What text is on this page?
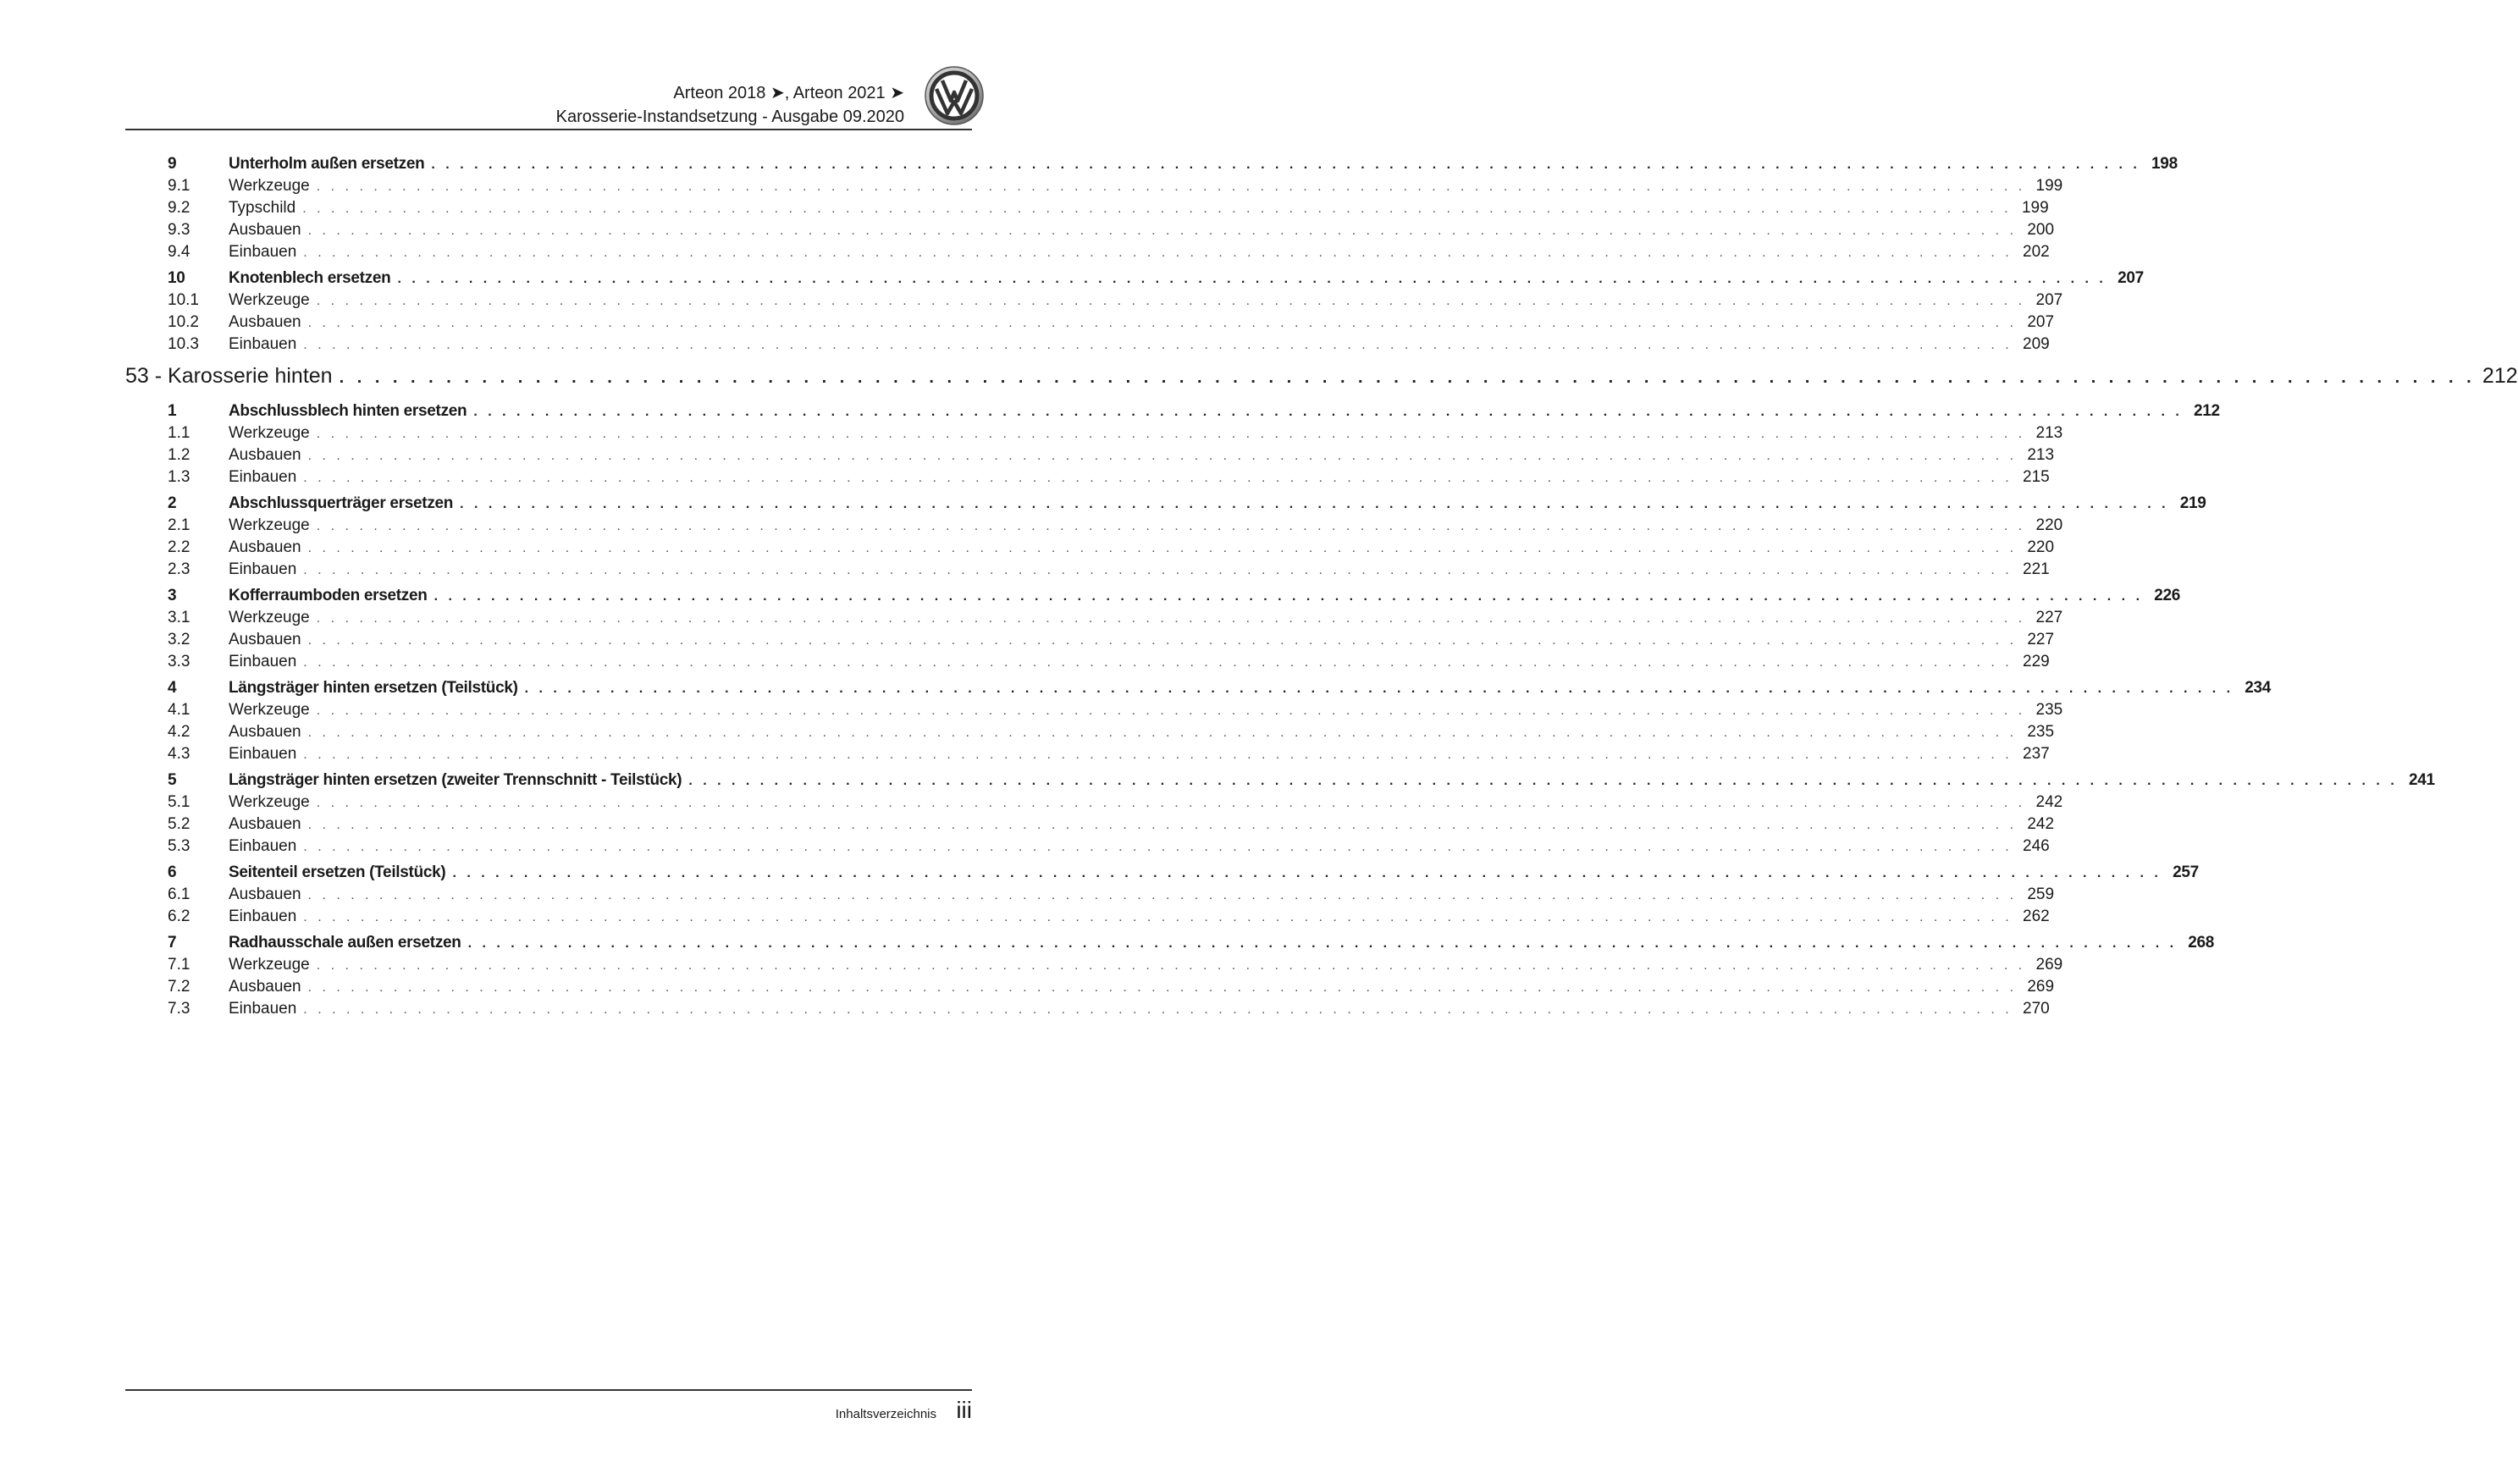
Arteon 2018 ➤, Arteon 2021 ➤
Karosserie-Instandsetzung - Ausgabe 09.2020
9	Unterholm außen ersetzen . . . . . . . . . . . . . . . . . . . . . . . . . . . . . . . . . . . . . . . . . . . . . . . . . . . . . . . . . . . . . . . . . . . . . . . . . . . . . . . . . . . . . . . . . . . . . . . . . . . . . . . . . . . . . . . . . . . . . . . . 198
9.1	Werkzeuge . . . . . . . . . . . . . . . . . . . . . . . . . . . . . . . . . . . . . . . . . . . . . . . . . . . . . . . . . . . . . . . . . . . . . . . . . . . . . . . . . . . . . . . . . . . . . . . . . . . . . . . . . . . . . . . . . . . . . . . . 199
9.2	Typschild . . . . . . . . . . . . . . . . . . . . . . . . . . . . . . . . . . . . . . . . . . . . . . . . . . . . . . . . . . . . . . . . . . . . . . . . . . . . . . . . . . . . . . . . . . . . . . . . . . . . . . . . . . . . . . . . . . . . . . . . 199
9.3	Ausbauen . . . . . . . . . . . . . . . . . . . . . . . . . . . . . . . . . . . . . . . . . . . . . . . . . . . . . . . . . . . . . . . . . . . . . . . . . . . . . . . . . . . . . . . . . . . . . . . . . . . . . . . . . . . . . . . . . . . . . . . . 200
9.4	Einbauen . . . . . . . . . . . . . . . . . . . . . . . . . . . . . . . . . . . . . . . . . . . . . . . . . . . . . . . . . . . . . . . . . . . . . . . . . . . . . . . . . . . . . . . . . . . . . . . . . . . . . . . . . . . . . . . . . . . . . . . . 202
10	Knotenblech ersetzen . . . . . . . . . . . . . . . . . . . . . . . . . . . . . . . . . . . . . . . . . . . . . . . . . . . . . . . . . . . . . . . . . . . . . . . . . . . . . . . . . . . . . . . . . . . . . . . . . . . . . . . . . . . . . . . . . . . . . . . . 207
10.1	Werkzeuge . . . . . . . . . . . . . . . . . . . . . . . . . . . . . . . . . . . . . . . . . . . . . . . . . . . . . . . . . . . . . . . . . . . . . . . . . . . . . . . . . . . . . . . . . . . . . . . . . . . . . . . . . . . . . . . . . . . . . . . . 207
10.2	Ausbauen . . . . . . . . . . . . . . . . . . . . . . . . . . . . . . . . . . . . . . . . . . . . . . . . . . . . . . . . . . . . . . . . . . . . . . . . . . . . . . . . . . . . . . . . . . . . . . . . . . . . . . . . . . . . . . . . . . . . . . . . 207
10.3	Einbauen . . . . . . . . . . . . . . . . . . . . . . . . . . . . . . . . . . . . . . . . . . . . . . . . . . . . . . . . . . . . . . . . . . . . . . . . . . . . . . . . . . . . . . . . . . . . . . . . . . . . . . . . . . . . . . . . . . . . . . . . 209
53 - Karosserie hinten . . . . . . . . . . . . . . . . . . . . . . . . . . . . . . . . . . . . . . . . . . . . . . . . . . . . . . . . . . . . . . . . . . . . . . . . . . . . . . . . . . . . . . . . . . . . . . . . . . . . . . . . . . . . . . . . . . . . . . . . 212
1	Abschlussblech hinten ersetzen . . . . . . . . . . . . . . . . . . . . . . . . . . . . . . . . . . . . . . . . . . . . . . . . . . . . . . . . . . . . . . . . . . . . . . . . . . . . . . . . . . . . . . . . . . . . . . . . . . . . . . . . . . . . . . . . . . . . . . . . 212
1.1	Werkzeuge . . . . . . . . . . . . . . . . . . . . . . . . . . . . . . . . . . . . . . . . . . . . . . . . . . . . . . . . . . . . . . . . . . . . . . . . . . . . . . . . . . . . . . . . . . . . . . . . . . . . . . . . . . . . . . . . . . . . . . . . 213
1.2	Ausbauen . . . . . . . . . . . . . . . . . . . . . . . . . . . . . . . . . . . . . . . . . . . . . . . . . . . . . . . . . . . . . . . . . . . . . . . . . . . . . . . . . . . . . . . . . . . . . . . . . . . . . . . . . . . . . . . . . . . . . . . . 213
1.3	Einbauen . . . . . . . . . . . . . . . . . . . . . . . . . . . . . . . . . . . . . . . . . . . . . . . . . . . . . . . . . . . . . . . . . . . . . . . . . . . . . . . . . . . . . . . . . . . . . . . . . . . . . . . . . . . . . . . . . . . . . . . . 215
2	Abschlussquerträger ersetzen . . . . . . . . . . . . . . . . . . . . . . . . . . . . . . . . . . . . . . . . . . . . . . . . . . . . . . . . . . . . . . . . . . . . . . . . . . . . . . . . . . . . . . . . . . . . . . . . . . . . . . . . . . . . . . . . . . . . . . . . 219
2.1	Werkzeuge . . . . . . . . . . . . . . . . . . . . . . . . . . . . . . . . . . . . . . . . . . . . . . . . . . . . . . . . . . . . . . . . . . . . . . . . . . . . . . . . . . . . . . . . . . . . . . . . . . . . . . . . . . . . . . . . . . . . . . . . 220
2.2	Ausbauen . . . . . . . . . . . . . . . . . . . . . . . . . . . . . . . . . . . . . . . . . . . . . . . . . . . . . . . . . . . . . . . . . . . . . . . . . . . . . . . . . . . . . . . . . . . . . . . . . . . . . . . . . . . . . . . . . . . . . . . . 220
2.3	Einbauen . . . . . . . . . . . . . . . . . . . . . . . . . . . . . . . . . . . . . . . . . . . . . . . . . . . . . . . . . . . . . . . . . . . . . . . . . . . . . . . . . . . . . . . . . . . . . . . . . . . . . . . . . . . . . . . . . . . . . . . . 221
3	Kofferraumboden ersetzen . . . . . . . . . . . . . . . . . . . . . . . . . . . . . . . . . . . . . . . . . . . . . . . . . . . . . . . . . . . . . . . . . . . . . . . . . . . . . . . . . . . . . . . . . . . . . . . . . . . . . . . . . . . . . . . . . . . . . . . . 226
3.1	Werkzeuge . . . . . . . . . . . . . . . . . . . . . . . . . . . . . . . . . . . . . . . . . . . . . . . . . . . . . . . . . . . . . . . . . . . . . . . . . . . . . . . . . . . . . . . . . . . . . . . . . . . . . . . . . . . . . . . . . . . . . . . . 227
3.2	Ausbauen . . . . . . . . . . . . . . . . . . . . . . . . . . . . . . . . . . . . . . . . . . . . . . . . . . . . . . . . . . . . . . . . . . . . . . . . . . . . . . . . . . . . . . . . . . . . . . . . . . . . . . . . . . . . . . . . . . . . . . . . 227
3.3	Einbauen . . . . . . . . . . . . . . . . . . . . . . . . . . . . . . . . . . . . . . . . . . . . . . . . . . . . . . . . . . . . . . . . . . . . . . . . . . . . . . . . . . . . . . . . . . . . . . . . . . . . . . . . . . . . . . . . . . . . . . . . 229
4	Längsträger hinten ersetzen (Teilstück) . . . . . . . . . . . . . . . . . . . . . . . . . . . . . . . . . . . . . . . . . . . . . . . . . . . . . . . . . . . . . . . . . . . . . . . . . . . . . . . . . . . . . . . . . . . . . . . . . . . . . . . . . . . . . . . . . . . . . . . . 234
4.1	Werkzeuge . . . . . . . . . . . . . . . . . . . . . . . . . . . . . . . . . . . . . . . . . . . . . . . . . . . . . . . . . . . . . . . . . . . . . . . . . . . . . . . . . . . . . . . . . . . . . . . . . . . . . . . . . . . . . . . . . . . . . . . . 235
4.2	Ausbauen . . . . . . . . . . . . . . . . . . . . . . . . . . . . . . . . . . . . . . . . . . . . . . . . . . . . . . . . . . . . . . . . . . . . . . . . . . . . . . . . . . . . . . . . . . . . . . . . . . . . . . . . . . . . . . . . . . . . . . . . 235
4.3	Einbauen . . . . . . . . . . . . . . . . . . . . . . . . . . . . . . . . . . . . . . . . . . . . . . . . . . . . . . . . . . . . . . . . . . . . . . . . . . . . . . . . . . . . . . . . . . . . . . . . . . . . . . . . . . . . . . . . . . . . . . . . 237
5	Längsträger hinten ersetzen (zweiter Trennschnitt - Teilstück) . . . . . . . . . . . . . . . . . . . . . . . . . . . . . . . . . . . . . . . . . . . . . . . . . . . . . . . . . . . . . . . . . . . . . . . . . . . . . . . . . . . . . . . . . . . . . . . . . . . . . . . . . . . . . . . . . . . . . . . . 241
5.1	Werkzeuge . . . . . . . . . . . . . . . . . . . . . . . . . . . . . . . . . . . . . . . . . . . . . . . . . . . . . . . . . . . . . . . . . . . . . . . . . . . . . . . . . . . . . . . . . . . . . . . . . . . . . . . . . . . . . . . . . . . . . . . . 242
5.2	Ausbauen . . . . . . . . . . . . . . . . . . . . . . . . . . . . . . . . . . . . . . . . . . . . . . . . . . . . . . . . . . . . . . . . . . . . . . . . . . . . . . . . . . . . . . . . . . . . . . . . . . . . . . . . . . . . . . . . . . . . . . . . 242
5.3	Einbauen . . . . . . . . . . . . . . . . . . . . . . . . . . . . . . . . . . . . . . . . . . . . . . . . . . . . . . . . . . . . . . . . . . . . . . . . . . . . . . . . . . . . . . . . . . . . . . . . . . . . . . . . . . . . . . . . . . . . . . . . 246
6	Seitenteil ersetzen (Teilstück) . . . . . . . . . . . . . . . . . . . . . . . . . . . . . . . . . . . . . . . . . . . . . . . . . . . . . . . . . . . . . . . . . . . . . . . . . . . . . . . . . . . . . . . . . . . . . . . . . . . . . . . . . . . . . . . . . . . . . . . . 257
6.1	Ausbauen . . . . . . . . . . . . . . . . . . . . . . . . . . . . . . . . . . . . . . . . . . . . . . . . . . . . . . . . . . . . . . . . . . . . . . . . . . . . . . . . . . . . . . . . . . . . . . . . . . . . . . . . . . . . . . . . . . . . . . . . 259
6.2	Einbauen . . . . . . . . . . . . . . . . . . . . . . . . . . . . . . . . . . . . . . . . . . . . . . . . . . . . . . . . . . . . . . . . . . . . . . . . . . . . . . . . . . . . . . . . . . . . . . . . . . . . . . . . . . . . . . . . . . . . . . . . 262
7	Radhausschale außen ersetzen . . . . . . . . . . . . . . . . . . . . . . . . . . . . . . . . . . . . . . . . . . . . . . . . . . . . . . . . . . . . . . . . . . . . . . . . . . . . . . . . . . . . . . . . . . . . . . . . . . . . . . . . . . . . . . . . . . . . . . . . 268
7.1	Werkzeuge . . . . . . . . . . . . . . . . . . . . . . . . . . . . . . . . . . . . . . . . . . . . . . . . . . . . . . . . . . . . . . . . . . . . . . . . . . . . . . . . . . . . . . . . . . . . . . . . . . . . . . . . . . . . . . . . . . . . . . . . 269
7.2	Ausbauen . . . . . . . . . . . . . . . . . . . . . . . . . . . . . . . . . . . . . . . . . . . . . . . . . . . . . . . . . . . . . . . . . . . . . . . . . . . . . . . . . . . . . . . . . . . . . . . . . . . . . . . . . . . . . . . . . . . . . . . . 269
7.3	Einbauen . . . . . . . . . . . . . . . . . . . . . . . . . . . . . . . . . . . . . . . . . . . . . . . . . . . . . . . . . . . . . . . . . . . . . . . . . . . . . . . . . . . . . . . . . . . . . . . . . . . . . . . . . . . . . . . . . . . . . . . . 270
Inhaltsverzeichnis iii
